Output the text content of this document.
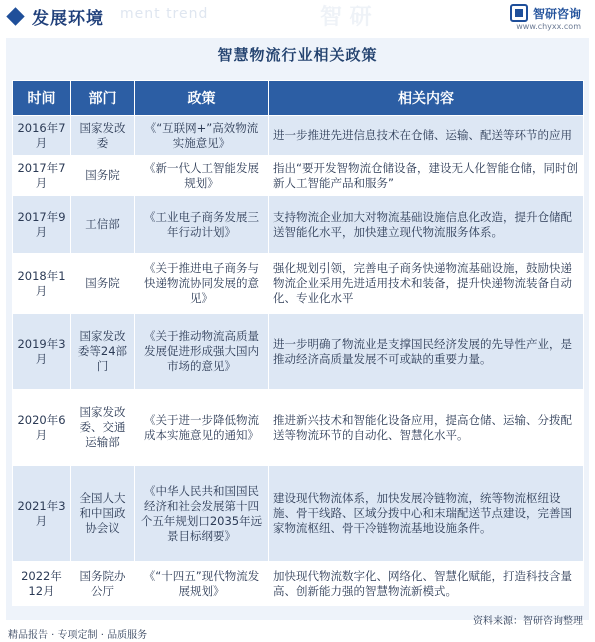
发展环境 ment trend	智 研	智研咨询
www.chyxx.com
智慧物流行业相关政策
时间	部门	政策	相关内容
2016年7月	国家发改委	《“互联网+”高效物流实施意见》	进一步推进先进信息技术在仓储、运输、配送等环节的应用
2017年7月	国务院	《新一代人工智能发展规划》	指出“要开发智物流仓储设备，建设无人化智能仓储，同时创新人工智能产品和服务”
2017年9月	工信部	《工业电子商务发展三年行动计划》	支持物流企业加大对物流基础设施信息化改造，提升仓储配送智能化水平，加快建立现代物流服务体系。
2018年1月	国务院	《关于推进电子商务与快递物流协同发展的意见》	强化规划引领，完善电子商务快递物流基础设施，鼓励快递物流企业采用先进适用技术和装备，提升快递物流装备自动化、专业化水平
2019年3月	国家发改委等24部门	《关于推动物流高质量发展促进形成强大国内市场的意见》	进一步明确了物流业是支撑国民经济发展的先导性产业，是推动经济高质量发展不可或缺的重要力量。
2020年6月	国家发改委、交通运输部	《关于进一步降低物流成本实施意见的通知》	推进新兴技术和智能化设备应用，提高仓储、运输、分拨配送等物流环节的自动化、智慧化水平。
2021年3月	全国人大和中国政协会议	《中华人民共和国国民经济和社会发展第十四个五年规划口2035年远景目标纲要》	建设现代物流体系，加快发展冷链物流，统等物流枢纽设施、骨干线路、区域分拨中心和末瑞配送节点建设，完善国家物流枢纽、骨干冷链物流基地设施条件。
2022年12月	国务院办公厅	《“十四五”现代物流发展规划》	加快现代物流数字化、网络化、智慧化赋能，打造科技含量高、创新能力强的智慧物流新模式。
精品报告 · 专项定制 · 品质服务
资料来源：智研咨询整理
